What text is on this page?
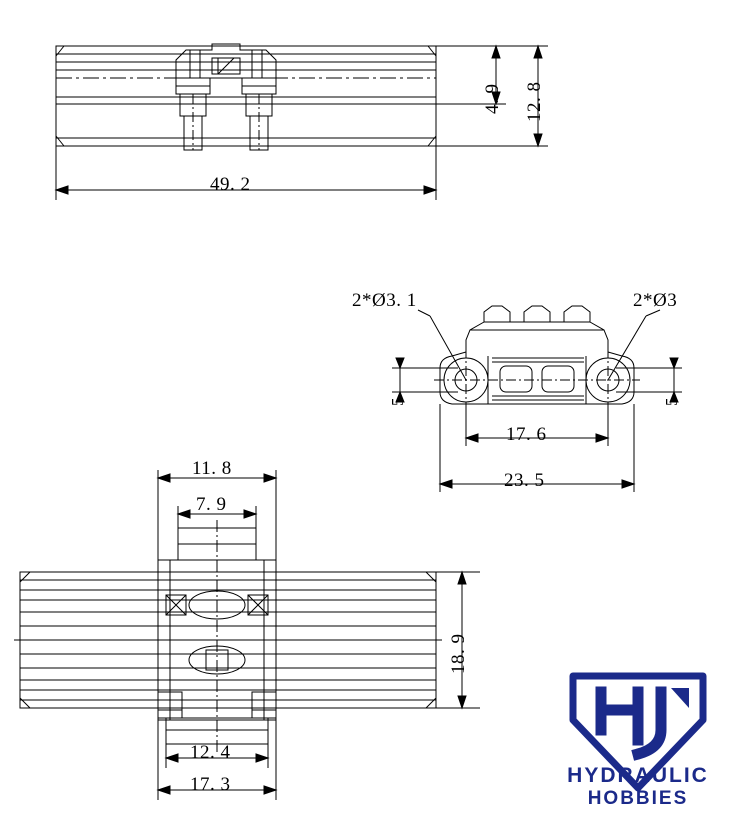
49. 2
12. 8
4. 9
2*Ø3. 1	2*Ø3
5	5
17. 6
23. 5
11. 8
7. 9
18. 9
12. 4
17. 3	HYDRAULIC
HOBBIES
